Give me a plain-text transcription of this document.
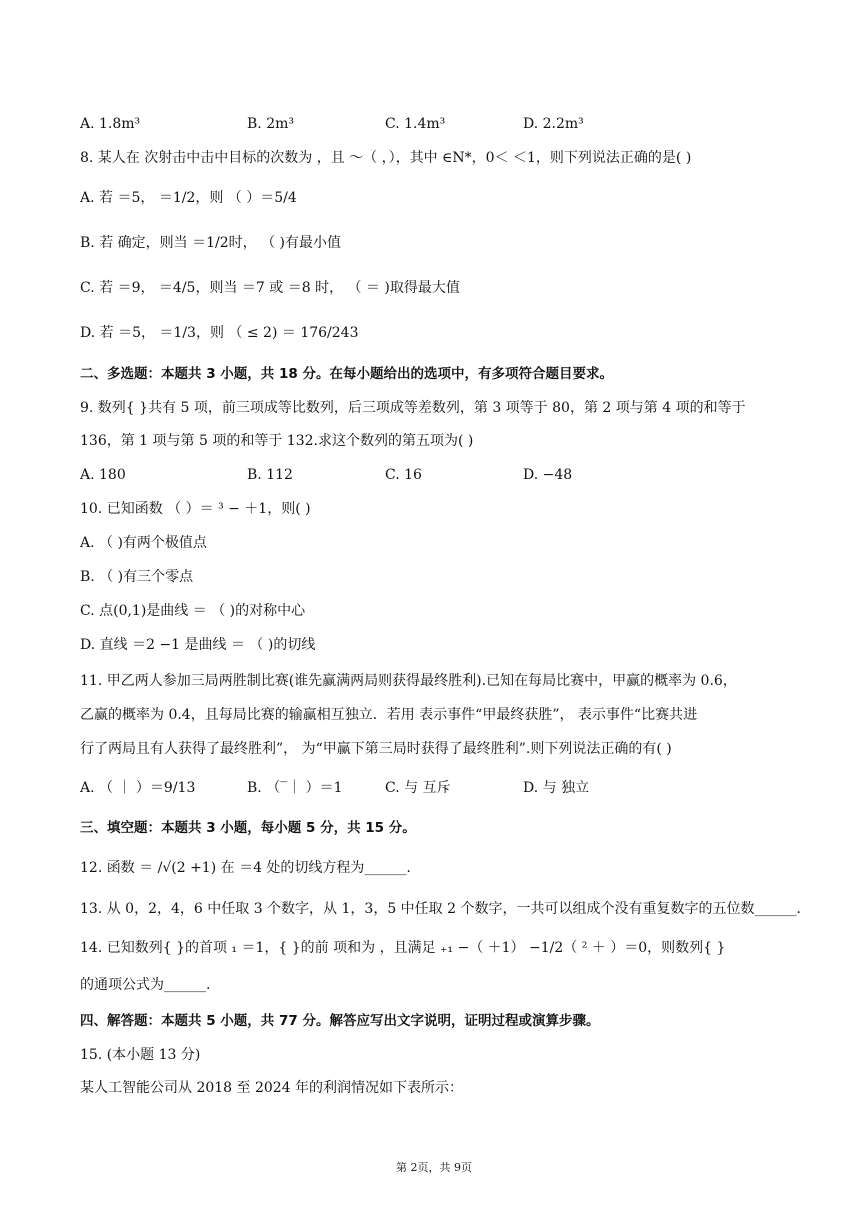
A. 1.8m³	B. 2m³	C. 1.4m³	D. 2.2m³
8. 某人在 次射击中击中目标的次数为 ，且 ～（ ，），其中 ∈N*，0＜ ＜1，则下列说法正确的是( )
A. 若 ＝5， ＝1/2，则 （ ）＝5/4
B. 若 确定，则当 ＝1/2时， （ )有最小值
C. 若 ＝9， ＝4/5，则当 ＝7 或 ＝8 时， （ ＝ )取得最大值
D. 若 ＝5， ＝1/3，则 （ ≤ 2) ＝ 176/243
二、多选题：本题共 3 小题，共 18 分。在每小题给出的选项中，有多项符合题目要求。
9. 数列{ }共有 5 项，前三项成等比数列，后三项成等差数列，第 3 项等于 80，第 2 项与第 4 项的和等于
136，第 1 项与第 5 项的和等于 132.求这个数列的第五项为( )
A. 180	B. 112	C. 16	D. −48
10. 已知函数 （ ）＝ ³ − ＋1，则( )
A. （ )有两个极值点
B. （ )有三个零点
C. 点(0,1)是曲线 ＝ （ )的对称中心
D. 直线 ＝2 −1 是曲线 ＝ （ )的切线
11. 甲乙两人参加三局两胜制比赛(谁先赢满两局则获得最终胜利).已知在每局比赛中，甲赢的概率为 0.6，
乙赢的概率为 0.4，且每局比赛的输赢相互独立．若用 表示事件“甲最终获胜”， 表示事件“比赛共进
行了两局且有人获得了最终胜利”， 为“甲赢下第三局时获得了最终胜利”.则下列说法正确的有( )
A. （ ｜ ）＝9/13	B. （‾｜ ）＝1	C. 与 互斥	D. 与 独立
三、填空题：本题共 3 小题，每小题 5 分，共 15 分。
12. 函数 ＝ /√(2 +1) 在 ＝4 处的切线方程为______.
13. 从 0，2，4，6 中任取 3 个数字，从 1，3，5 中任取 2 个数字，一共可以组成个没有重复数字的五位数______.
14. 已知数列{ }的首项 ₁ ＝1，{ }的前 项和为 ，且满足 ₊₁ −（ ＋1） −1/2（ ² ＋ ）＝0，则数列{ }
的通项公式为______.
四、解答题：本题共 5 小题，共 77 分。解答应写出文字说明，证明过程或演算步骤。
15. (本小题 13 分)
某人工智能公司从 2018 至 2024 年的利润情况如下表所示：
第 2页，共 9页
